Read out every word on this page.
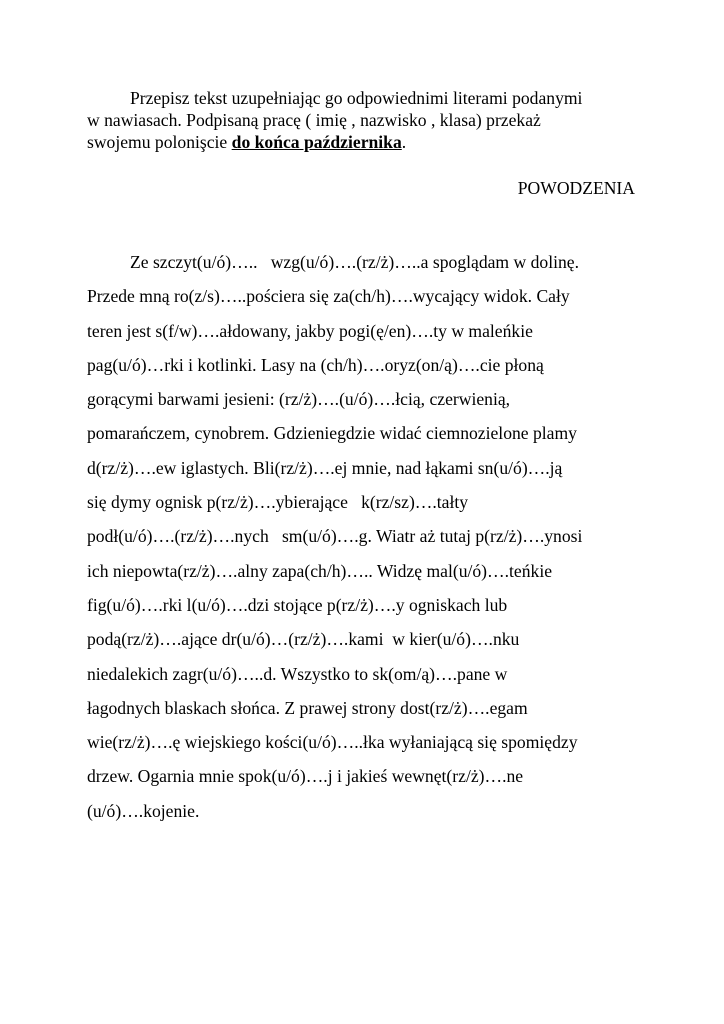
Przepisz tekst uzupełniając go odpowiednimi literami podanymi
w nawiasach. Podpisaną pracę ( imię , nazwisko , klasa) przekaż
swojemu polonişcie do końca października.
POWODZENIA
Ze szczyt(u/ó)…..   wzg(u/ó)….(rz/ż)…..a spoglądam w dolinę.
Przede mną ro(z/s)…..pościera się za(ch/h)….wycający widok. Cały
teren jest s(f/w)….ałdowany, jakby pogi(ę/en)….ty w maleńkie
pag(u/ó)…rki i kotlinki. Lasy na (ch/h)….oryz(on/ą)….cie płoną
gorącymi barwami jesieni: (rz/ż)….(u/ó)….łcią, czerwienią,
pomarańczem, cynobrem. Gdzieniegdzie widać ciemnozielone plamy
d(rz/ż)….ew iglastych. Bli(rz/ż)….ej mnie, nad łąkami sn(u/ó)….ją
się dymy ognisk p(rz/ż)….ybierające   k(rz/sz)….tałty
podł(u/ó)….(rz/ż)….nych   sm(u/ó)….g. Wiatr aż tutaj p(rz/ż)….ynosi
ich niepowta(rz/ż)….alny zapa(ch/h)….. Widzę mal(u/ó)….teńkie
fig(u/ó)….rki l(u/ó)….dzi stojące p(rz/ż)….y ogniskach lub
podą(rz/ż)….ające dr(u/ó)…(rz/ż)….kami  w kier(u/ó)….nku
niedalekich zagr(u/ó)…..d. Wszystko to sk(om/ą)….pane w
łagodnych blaskach słońca. Z prawej strony dost(rz/ż)….egam
wie(rz/ż)….ę wiejskiego kości(u/ó)…..łka wyłaniającą się spomiędzy
drzew. Ogarnia mnie spok(u/ó)….j i jakieś wewnęt(rz/ż)….ne
(u/ó)….kojenie.
